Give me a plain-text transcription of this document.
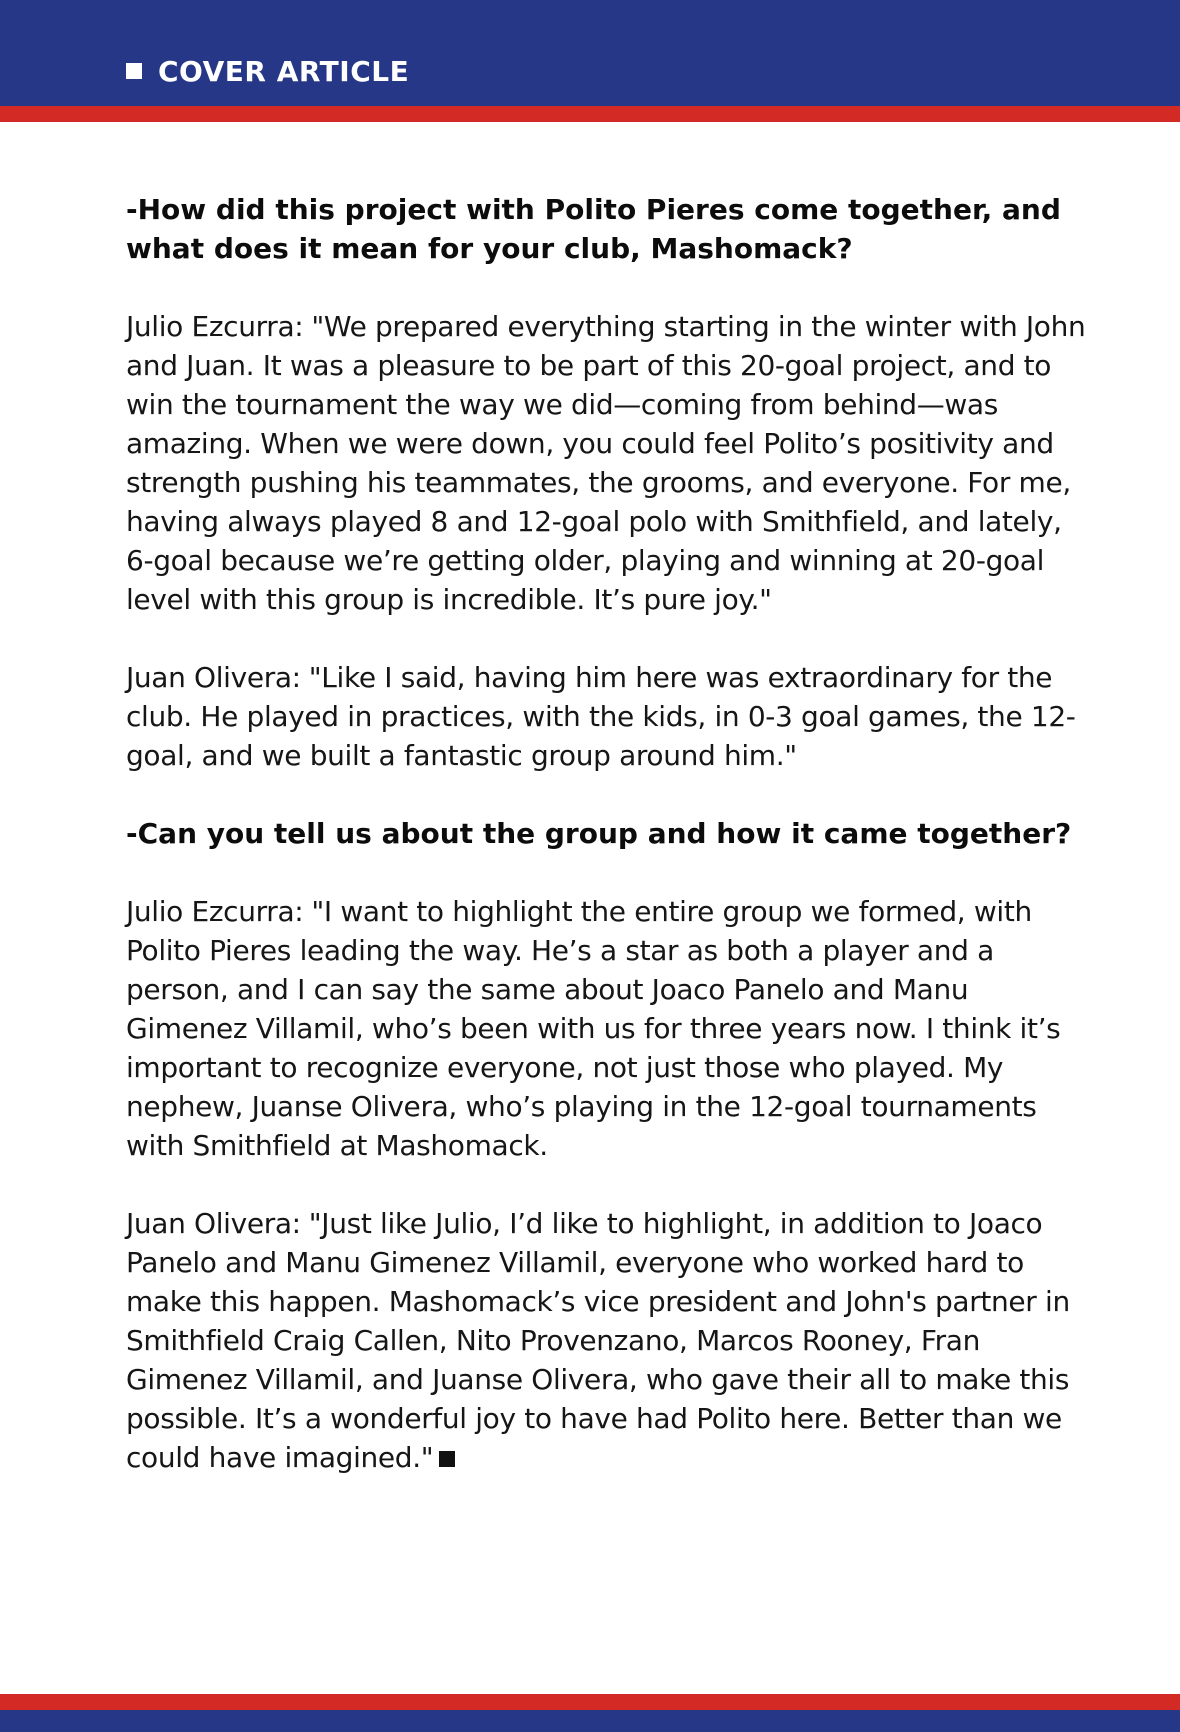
COVER ARTICLE

-How did this project with Polito Pieres come together, and what does it mean for your club, Mashomack?

Julio Ezcurra: "We prepared everything starting in the winter with John and Juan. It was a pleasure to be part of this 20-goal project, and to win the tournament the way we did—coming from behind—was amazing. When we were down, you could feel Polito’s positivity and strength pushing his teammates, the grooms, and everyone. For me, having always played 8 and 12-goal polo with Smithfield, and lately, 6-goal because we’re getting older, playing and winning at 20-goal level with this group is incredible. It’s pure joy."

Juan Olivera: "Like I said, having him here was extraordinary for the club. He played in practices, with the kids, in 0-3 goal games, the 12-goal, and we built a fantastic group around him."

-Can you tell us about the group and how it came together?

Julio Ezcurra: "I want to highlight the entire group we formed, with Polito Pieres leading the way. He’s a star as both a player and a person, and I can say the same about Joaco Panelo and Manu Gimenez Villamil, who’s been with us for three years now. I think it’s important to recognize everyone, not just those who played. My nephew, Juanse Olivera, who’s playing in the 12-goal tournaments with Smithfield at Mashomack.

Juan Olivera: "Just like Julio, I’d like to highlight, in addition to Joaco Panelo and Manu Gimenez Villamil, everyone who worked hard to make this happen. Mashomack’s vice president and John's partner in Smithfield Craig Callen, Nito Provenzano, Marcos Rooney, Fran Gimenez Villamil, and Juanse Olivera, who gave their all to make this possible. It’s a wonderful joy to have had Polito here. Better than we could have imagined."
